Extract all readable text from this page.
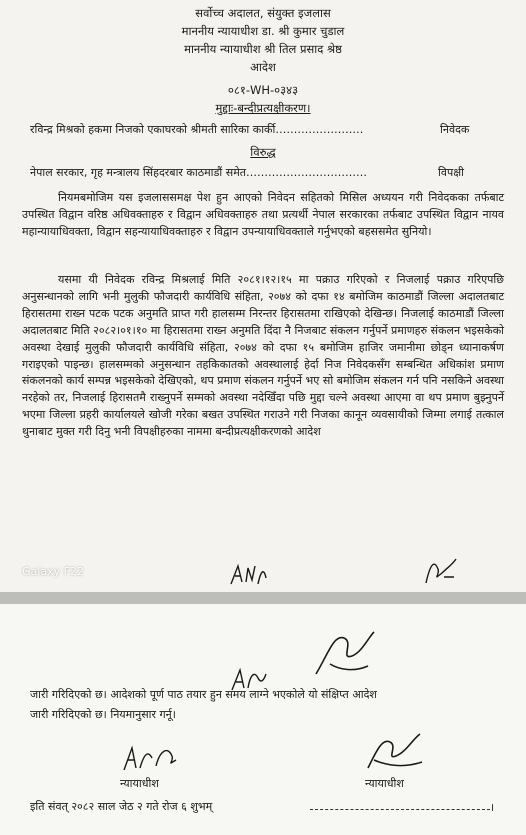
सर्वोच्च अदालत, संयुक्त इजलास
माननीय न्यायाधीश डा. श्री कुमार चुडाल
माननीय न्यायाधीश श्री तिल प्रसाद श्रेष्ठ
आदेश
०८१-WH-०३४३
मुद्दाः-बन्दीप्रत्यक्षीकरण।
रविन्द्र मिश्रको हकमा निजको एकाघरको श्रीमती सारिका कार्की……………………	निवेदक
विरुद्ध
नेपाल सरकार, गृह मन्त्रालय सिंहदरबार काठमाडौं समेत……………………………	विपक्षी
नियमबमोजिम यस इजलाससमक्ष पेश हुन आएको निवेदन सहितको मिसिल अध्ययन गरी निवेदकका तर्फबाट उपस्थित विद्वान वरिष्ठ अधिवक्ताहरु र विद्वान अधिवक्ताहरु तथा प्रत्यर्थी नेपाल सरकारका तर्फबाट उपस्थित विद्वान नायव महान्यायाधिवक्ता, विद्वान सहन्यायाधिवक्ताहरु र विद्वान उपन्यायाधिवक्ताले गर्नुभएको बहससमेत सुनियो।
यसमा यी निवेदक रविन्द्र मिश्रलाई मिति २०८१।१२।१५ मा पक्राउ गरिएको र निजलाई पक्राउ गरिएपछि अनुसन्धानको लागि भनी मुलुकी फौजदारी कार्यविधि संहिता, २०७४ को दफा १४ बमोजिम काठमाडौं जिल्ला अदालतबाट हिरासतमा राख्न पटक पटक अनुमति प्राप्त गरी हालसम्म निरन्तर हिरासतमा राखिएको देखिन्छ। निजलाई काठमाडौं जिल्ला अदालतबाट मिति २०८२।०१।१० मा हिरासतमा राख्न अनुमति दिंदा नै निजबाट संकलन गर्नुपर्ने प्रमाणहरु संकलन भइसकेको अवस्था देखाई मुलुकी फौजदारी कार्यविधि संहिता, २०७४ को दफा १५ बमोजिम हाजिर जमानीमा छोड्न ध्यानाकर्षण गराइएको पाइन्छ। हालसम्मको अनुसन्धान तहकिकातको अवस्थालाई हेर्दा निज निवेदकसँग सम्बन्धित अधिकांश प्रमाण संकलनको कार्य सम्पन्न भइसकेको देखिएको, थप प्रमाण संकलन गर्नुपर्ने भए सो बमोजिम संकलन गर्न पनि नसकिने अवस्था नरहेको तर, निजलाई हिरासतमै राख्नुपर्ने सम्मको अवस्था नदेखिँदा पछि मुद्दा चल्ने अवस्था आएमा वा थप प्रमाण बुझ्नुपर्ने भएमा जिल्ला प्रहरी कार्यालयले खोजी गरेका बखत उपस्थित गराउने गरी निजका कानून व्यवसायीको जिम्मा लगाई तत्काल थुनाबाट मुक्त गरी दिनु भनी विपक्षीहरुका नाममा बन्दीप्रत्यक्षीकरणको आदेश
Galaxy F22
जारी गरिदिएको छ। आदेशको पूर्ण पाठ तयार हुन समय लाग्ने भएकोले यो संक्षिप्त आदेश
जारी गरिदिएको छ। नियमानुसार गर्नू।
न्यायाधीश	न्यायाधीश
इति संवत् २०८२ साल जेठ २ गते रोज ६ शुभम्	।
